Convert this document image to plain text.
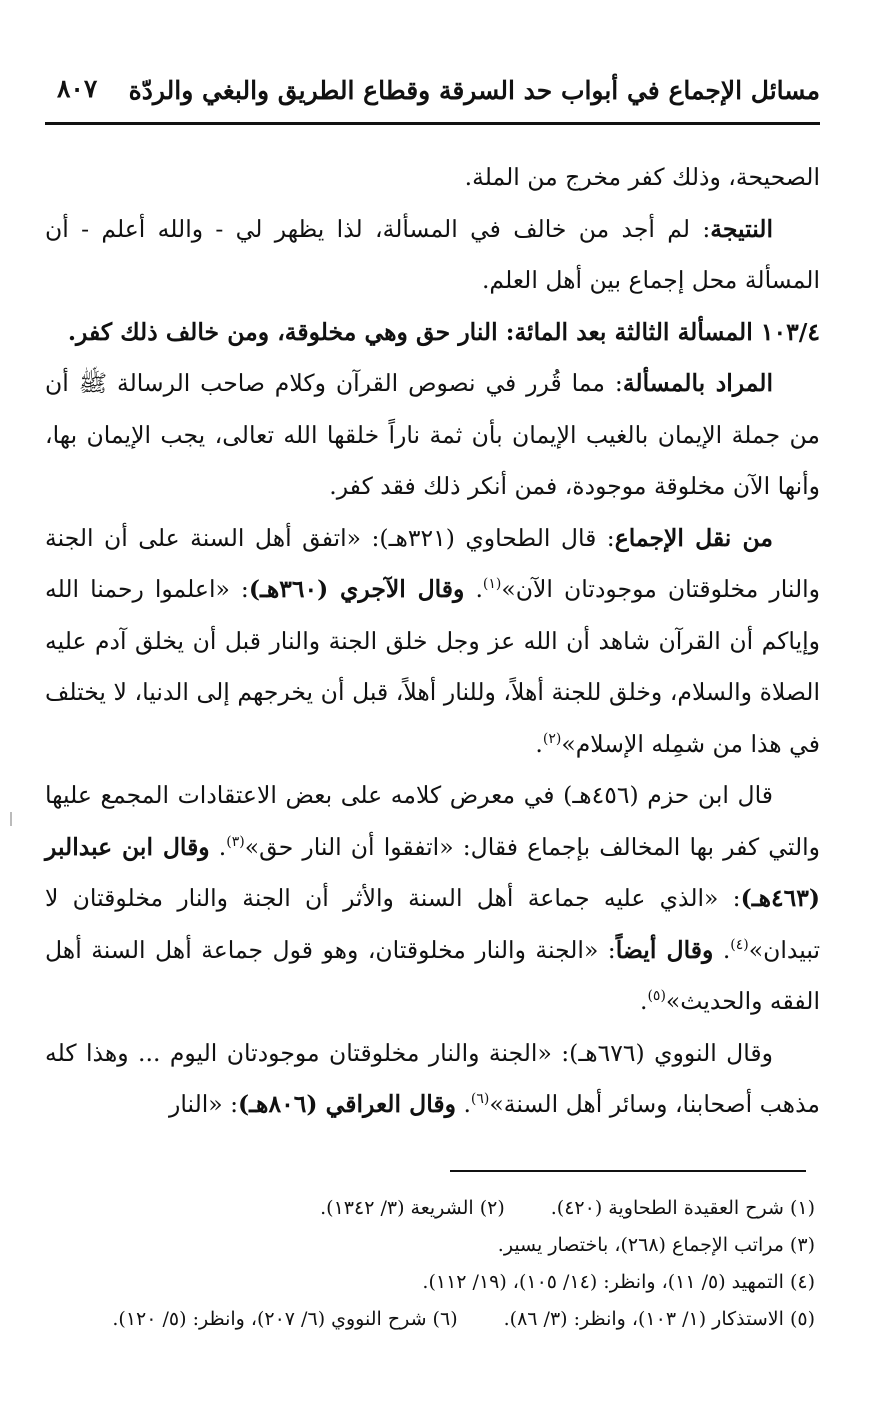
مسائل الإجماع في أبواب حد السرقة وقطاع الطريق والبغي والردّة
٨٠٧

الصحيحة، وذلك كفر مخرج من الملة.

النتيجة: لم أجد من خالف في المسألة، لذا يظهر لي - والله أعلم - أن المسألة محل إجماع بين أهل العلم.

١٠٣/٤ المسألة الثالثة بعد المائة: النار حق وهي مخلوقة، ومن خالف ذلك كفر.

المراد بالمسألة: مما قُرر في نصوص القرآن وكلام صاحب الرسالة ﷺ أن من جملة الإيمان بالغيب الإيمان بأن ثمة ناراً خلقها الله تعالى، يجب الإيمان بها، وأنها الآن مخلوقة موجودة، فمن أنكر ذلك فقد كفر.

من نقل الإجماع: قال الطحاوي (٣٢١هـ): «اتفق أهل السنة على أن الجنة والنار مخلوقتان موجودتان الآن»$^{(١)}$. وقال الآجري (٣٦٠هـ): «اعلموا رحمنا الله وإياكم أن القرآن شاهد أن الله عز وجل خلق الجنة والنار قبل أن يخلق آدم عليه الصلاة والسلام، وخلق للجنة أهلاً، وللنار أهلاً، قبل أن يخرجهم إلى الدنيا، لا يختلف في هذا من شمِله الإسلام»$^{(٢)}$.

قال ابن حزم (٤٥٦هـ) في معرض كلامه على بعض الاعتقادات المجمع عليها والتي كفر بها المخالف بإجماع فقال: «اتفقوا أن النار حق»$^{(٣)}$. وقال ابن عبدالبر (٤٦٣هـ): «الذي عليه جماعة أهل السنة والأثر أن الجنة والنار مخلوقتان لا تبيدان»$^{(٤)}$. وقال أيضاً: «الجنة والنار مخلوقتان، وهو قول جماعة أهل السنة أهل الفقه والحديث»$^{(٥)}$.

وقال النووي (٦٧٦هـ): «الجنة والنار مخلوقتان موجودتان اليوم ... وهذا كله مذهب أصحابنا، وسائر أهل السنة»$^{(٦)}$. وقال العراقي (٨٠٦هـ): «النار

(١) شرح العقيدة الطحاوية (٤٢٠).
(٢) الشريعة (٣/ ١٣٤٢).
(٣) مراتب الإجماع (٢٦٨)، باختصار يسير.
(٤) التمهيد (٥/ ١١)، وانظر: (١٤/ ١٠٥)، (١٩/ ١١٢).
(٥) الاستذكار (١/ ١٠٣)، وانظر: (٣/ ٨٦).
(٦) شرح النووي (٦/ ٢٠٧)، وانظر: (٥/ ١٢٠).
